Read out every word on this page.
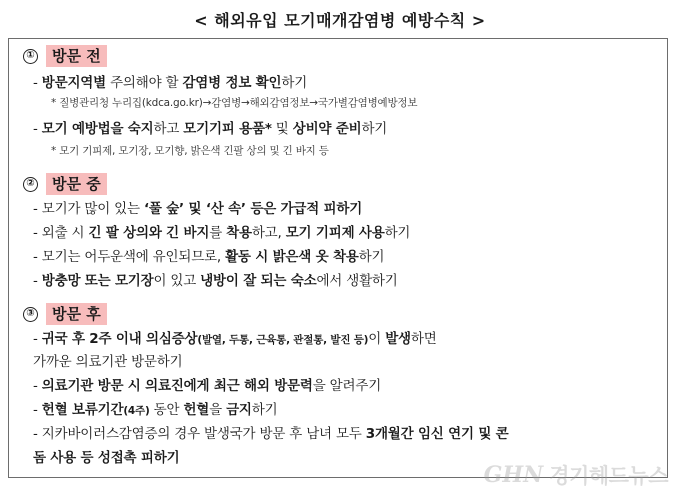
< 해외유입 모기매개감염병 예방수칙 >
①	방문 전
- 방문지역별 주의해야 할 감염병 정보 확인하기
* 질병관리청 누리집(kdca.go.kr)→감염병→해외감염정보→국가별감염병예방정보
- 모기 예방법을 숙지하고 모기기피 용품* 및 상비약 준비하기
* 모기 기피제, 모기장, 모기향, 밝은색 긴팔 상의 및 긴 바지 등
②	방문 중
- 모기가 많이 있는 ‘풀 숲’ 및 ‘산 속’ 등은 가급적 피하기
- 외출 시 긴 팔 상의와 긴 바지를 착용하고, 모기 기피제 사용하기
- 모기는 어두운색에 유인되므로, 활동 시 밝은색 옷 착용하기
- 방충망 또는 모기장이 있고 냉방이 잘 되는 숙소에서 생활하기
③	방문 후
- 귀국 후 2주 이내 의심증상(발열, 두통, 근육통, 관절통, 발진 등)이 발생하면
가까운 의료기관 방문하기
- 의료기관 방문 시 의료진에게 최근 해외 방문력을 알려주기
- 헌혈 보류기간(4주) 동안 헌혈을 금지하기
- 지카바이러스감염증의 경우 발생국가 방문 후 남녀 모두 3개월간 임신 연기 및 콘
돔 사용 등 성접촉 피하기
GHN 경기헤드뉴스
